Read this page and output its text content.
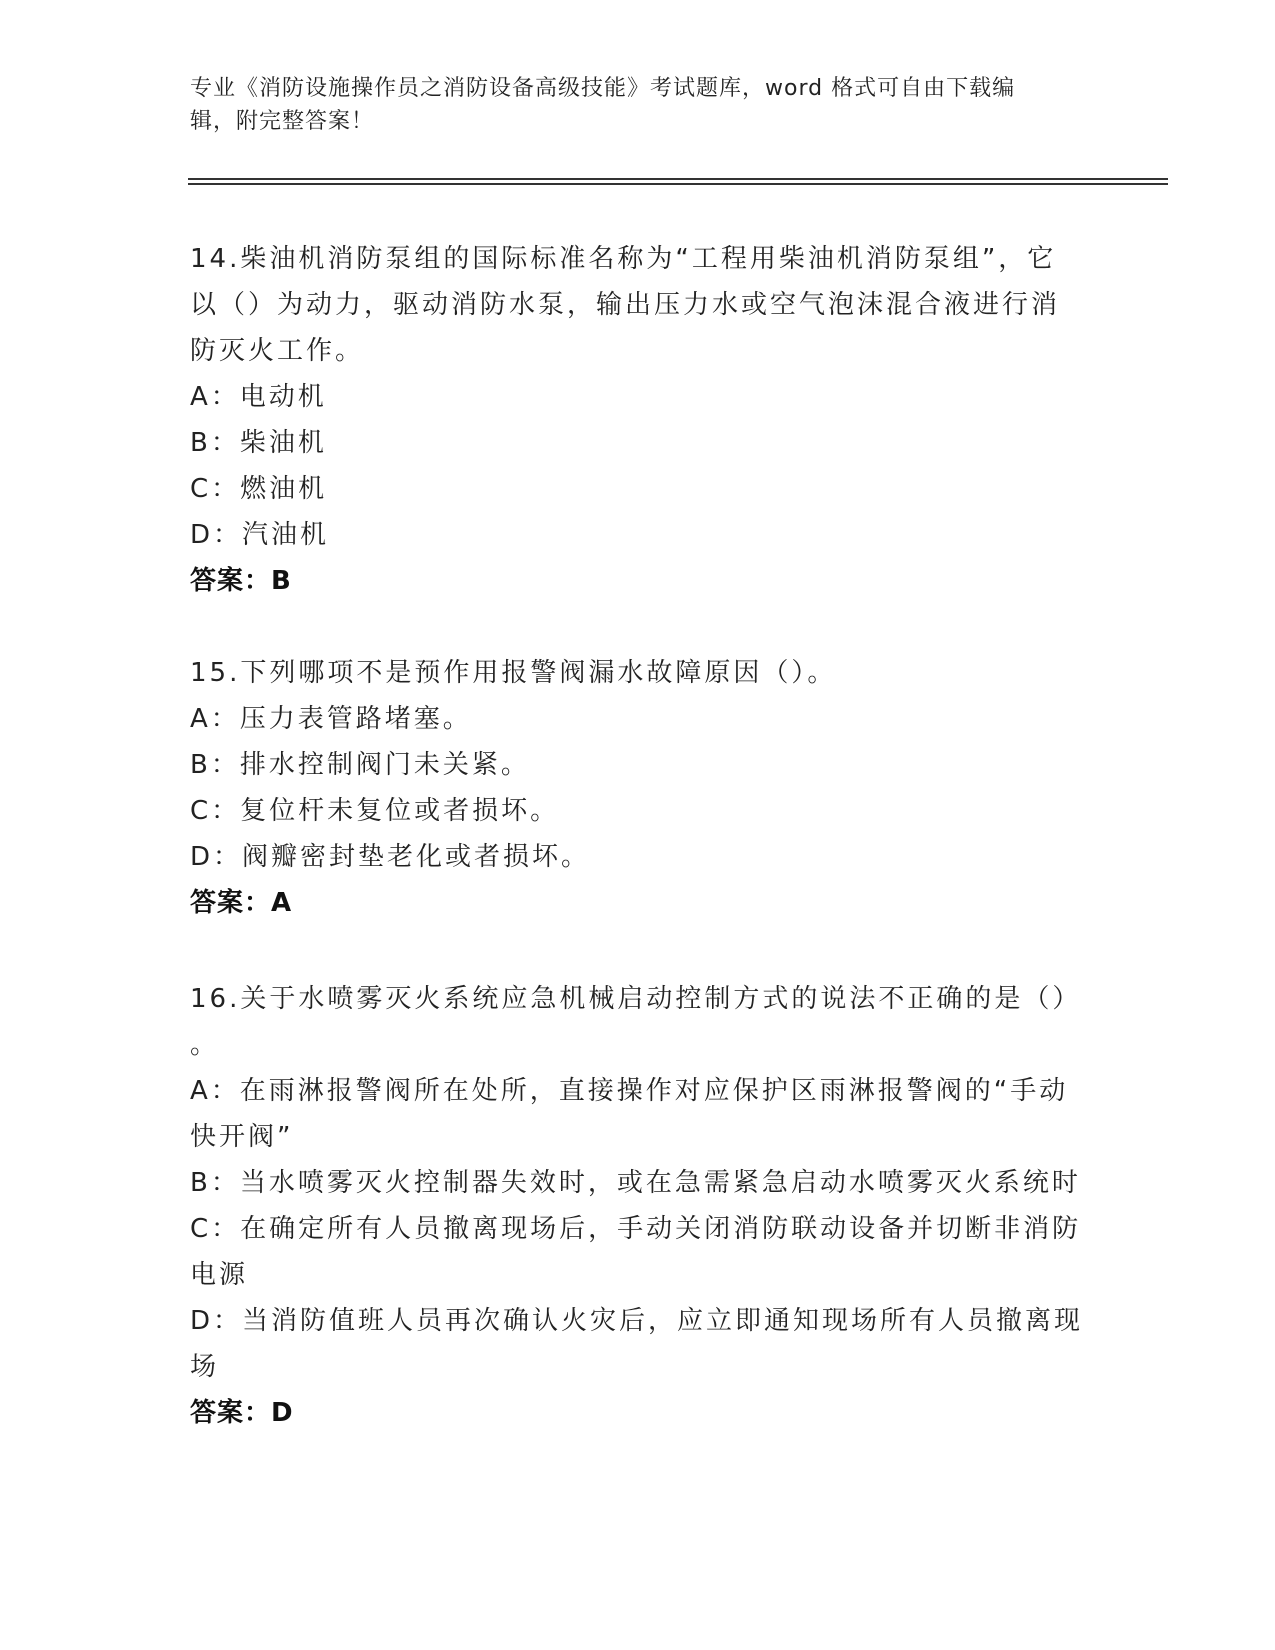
专业《消防设施操作员之消防设备高级技能》考试题库，word 格式可自由下载编
辑，附完整答案！
14.柴油机消防泵组的国际标准名称为“工程用柴油机消防泵组”，它
以（）为动力，驱动消防水泵，输出压力水或空气泡沫混合液进行消
防灭火工作。
A：电动机
B：柴油机
C：燃油机
D：汽油机
答案：B
15.下列哪项不是预作用报警阀漏水故障原因（）。
A：压力表管路堵塞。
B：排水控制阀门未关紧。
C：复位杆未复位或者损坏。
D：阀瓣密封垫老化或者损坏。
答案：A
16.关于水喷雾灭火系统应急机械启动控制方式的说法不正确的是（）
。
A：在雨淋报警阀所在处所，直接操作对应保护区雨淋报警阀的“手动
快开阀”
B：当水喷雾灭火控制器失效时，或在急需紧急启动水喷雾灭火系统时
C：在确定所有人员撤离现场后，手动关闭消防联动设备并切断非消防
电源
D：当消防值班人员再次确认火灾后，应立即通知现场所有人员撤离现
场
答案：D
